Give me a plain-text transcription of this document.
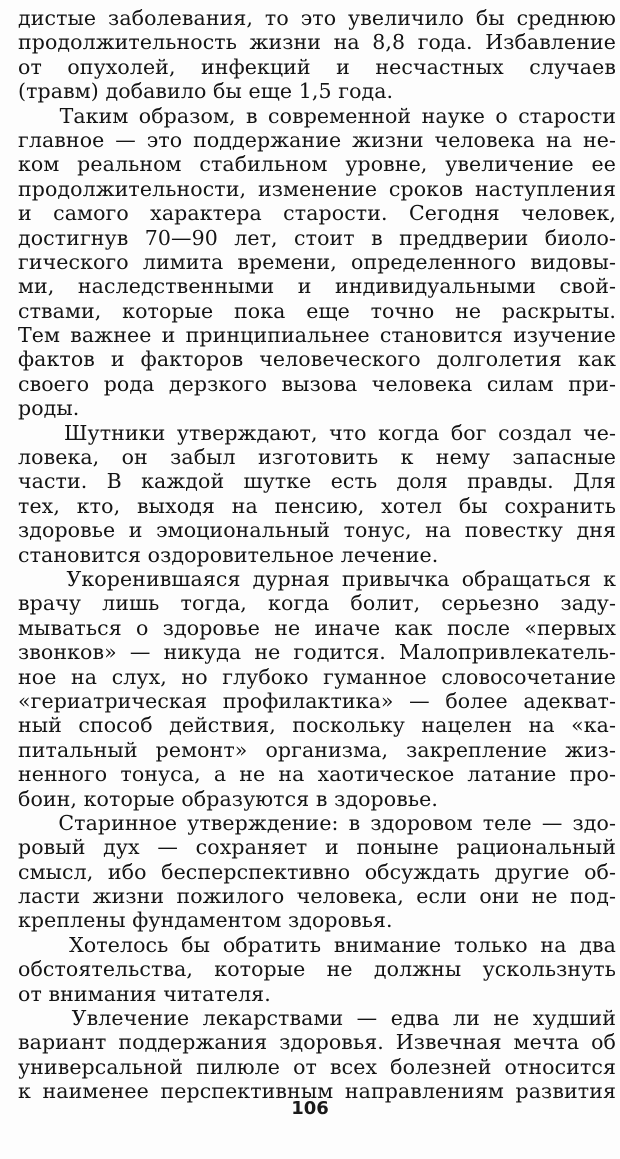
дистые заболевания, то это увеличило бы среднюю
продолжительность жизни на 8,8 года. Избавление
от опухолей, инфекций и несчастных случаев
(травм) добавило бы еще 1,5 года.
Таким образом, в современной науке о старости
главное — это поддержание жизни человека на не-
ком реальном стабильном уровне, увеличение ее
продолжительности, изменение сроков наступления
и самого характера старости. Сегодня человек,
достигнув 70—90 лет, стоит в преддверии биоло-
гического лимита времени, определенного видовы-
ми, наследственными и индивидуальными свой-
ствами, которые пока еще точно не раскрыты.
Тем важнее и принципиальнее становится изучение
фактов и факторов человеческого долголетия как
своего рода дерзкого вызова человека силам при-
роды.
Шутники утверждают, что когда бог создал че-
ловека, он забыл изготовить к нему запасные
части. В каждой шутке есть доля правды. Для
тех, кто, выходя на пенсию, хотел бы сохранить
здоровье и эмоциональный тонус, на повестку дня
становится оздоровительное лечение.
Укоренившаяся дурная привычка обращаться к
врачу лишь тогда, когда болит, серьезно заду-
мываться о здоровье не иначе как после «первых
звонков» — никуда не годится. Малопривлекатель-
ное на слух, но глубоко гуманное словосочетание
«гериатрическая профилактика» — более адекват-
ный способ действия, поскольку нацелен на «ка-
питальный ремонт» организма, закрепление жиз-
ненного тонуса, а не на хаотическое латание про-
боин, которые образуются в здоровье.
Старинное утверждение: в здоровом теле — здо-
ровый дух — сохраняет и поныне рациональный
смысл, ибо бесперспективно обсуждать другие об-
ласти жизни пожилого человека, если они не под-
креплены фундаментом здоровья.
Хотелось бы обратить внимание только на два
обстоятельства, которые не должны ускользнуть
от внимания читателя.
Увлечение лекарствами — едва ли не худший
вариант поддержания здоровья. Извечная мечта об
универсальной пилюле от всех болезней относится
к наименее перспективным направлениям развития
106
